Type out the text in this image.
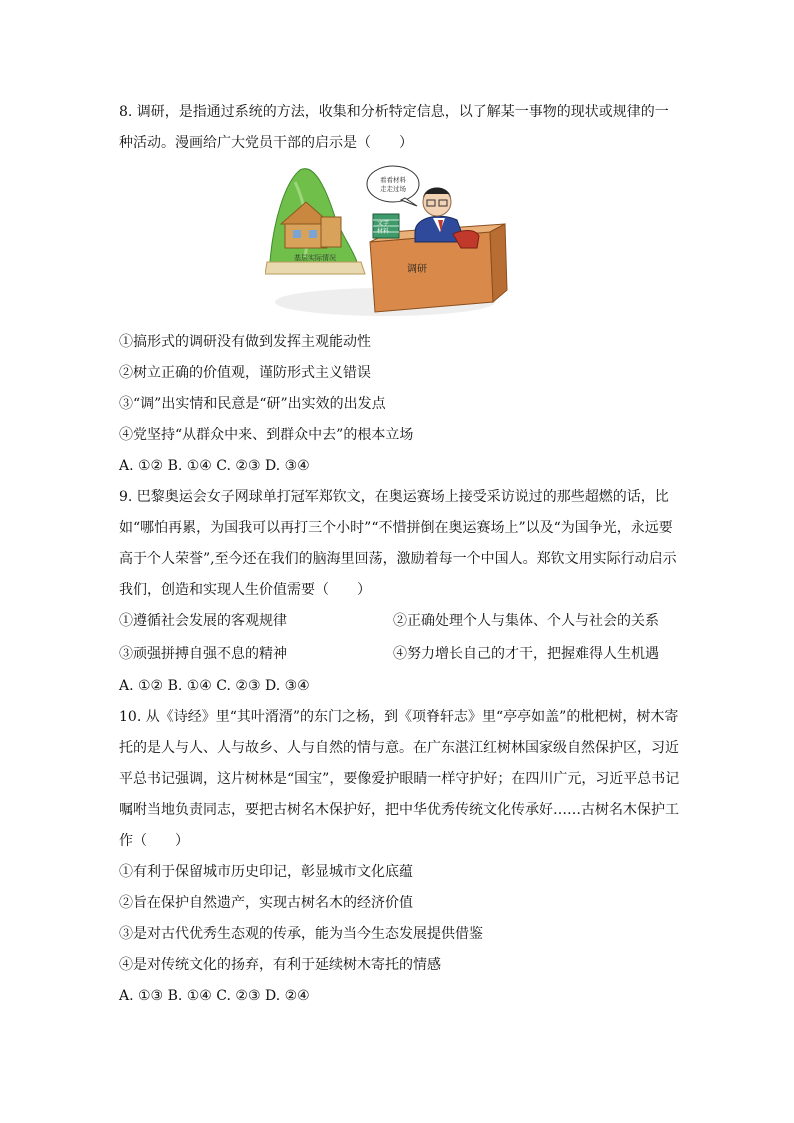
8. 调研，是指通过系统的方法，收集和分析特定信息，以了解某一事物的现状或规律的一
种活动。漫画给广大党员干部的启示是（　　）
基层实际情况
调研
文字
材料
看看材料
走走过场
①搞形式的调研没有做到发挥主观能动性
②树立正确的价值观，谨防形式主义错误
③“调”出实情和民意是“研”出实效的出发点
④党坚持“从群众中来、到群众中去”的根本立场
A. ①② B. ①④ C. ②③ D. ③④
9. 巴黎奥运会女子网球单打冠军郑钦文，在奥运赛场上接受采访说过的那些超燃的话，比
如“哪怕再累，为国我可以再打三个小时”“不惜拼倒在奥运赛场上”以及“为国争光，永远要
高于个人荣誉”,至今还在我们的脑海里回荡，激励着每一个中国人。郑钦文用实际行动启示
我们，创造和实现人生价值需要（　　）
①遵循社会发展的客观规律	②正确处理个人与集体、个人与社会的关系
③顽强拼搏自强不息的精神	④努力增长自己的才干，把握难得人生机遇
A. ①② B. ①④ C. ②③ D. ③④
10. 从《诗经》里“其叶湑湑”的东门之杨，到《项脊轩志》里“亭亭如盖”的枇杷树，树木寄
托的是人与人、人与故乡、人与自然的情与意。在广东湛江红树林国家级自然保护区，习近
平总书记强调，这片树林是“国宝”，要像爱护眼睛一样守护好；在四川广元，习近平总书记
嘱咐当地负责同志，要把古树名木保护好，把中华优秀传统文化传承好……古树名木保护工
作（　　）
①有利于保留城市历史印记，彰显城市文化底蕴
②旨在保护自然遗产，实现古树名木的经济价值
③是对古代优秀生态观的传承，能为当今生态发展提供借鉴
④是对传统文化的扬弃，有利于延续树木寄托的情感
A. ①③ B. ①④ C. ②③ D. ②④
